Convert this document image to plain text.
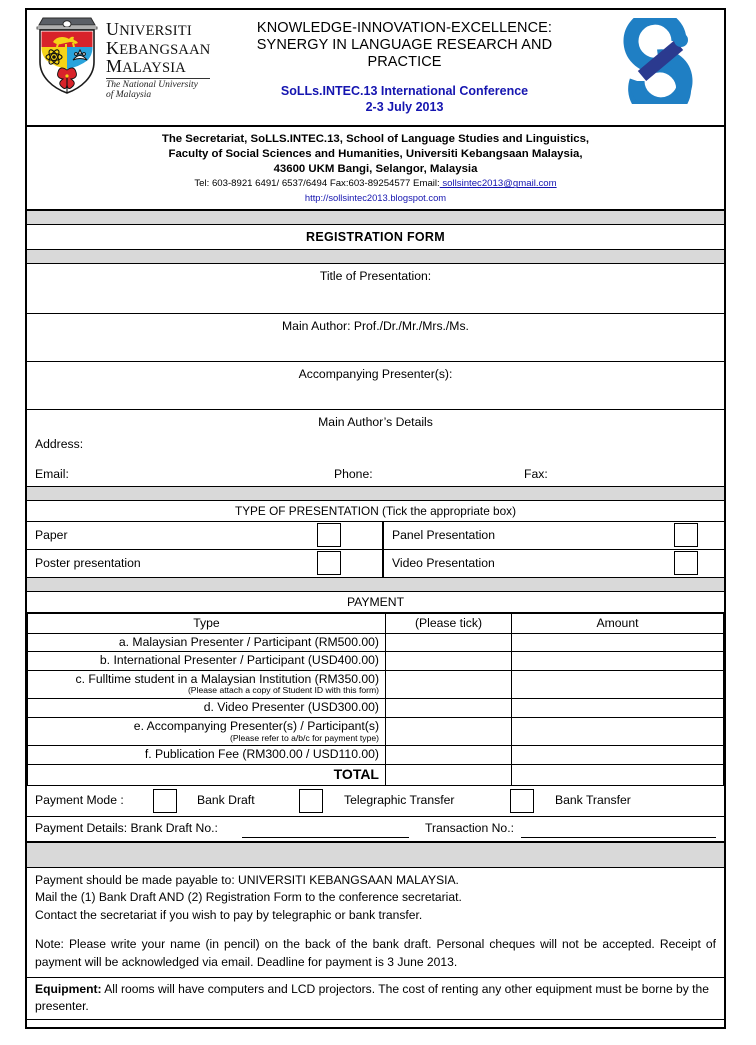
UNIVERSITI
KEBANGSAAN
MALAYSIA
The National University
of Malaysia
KNOWLEDGE-INNOVATION-EXCELLENCE:
SYNERGY IN LANGUAGE RESEARCH AND
PRACTICE
SoLLs.INTEC.13 International Conference
2-3 July 2013
The Secretariat, SoLLS.INTEC.13, School of Language Studies and Linguistics,
Faculty of Social Sciences and Humanities, Universiti Kebangsaan Malaysia,
43600 UKM Bangi, Selangor, Malaysia
Tel: 603-8921 6491/ 6537/6494 Fax:603-89254577 Email: sollsintec2013@gmail.com
http://sollsintec2013.blogspot.com
REGISTRATION FORM
Title of Presentation:
Main Author: Prof./Dr./Mr./Mrs./Ms.
Accompanying Presenter(s):
Main Author’s Details
Address:
Email:	Phone:	Fax:
TYPE OF PRESENTATION (Tick the appropriate box)
Paper	Panel Presentation
Poster presentation	Video Presentation
PAYMENT
Type	(Please tick)	Amount
a. Malaysian Presenter / Participant (RM500.00)		
b. International Presenter / Participant (USD400.00)		
c. Fulltime student in a Malaysian Institution (RM350.00)
(Please attach a copy of Student ID with this form)		

d. Video Presenter (USD300.00)		
e. Accompanying Presenter(s) / Participant(s)
(Please refer to a/b/c for payment type)		

f. Publication Fee (RM300.00 / USD110.00)		
TOTAL		
Payment Mode :	Bank Draft	Telegraphic Transfer	Bank Transfer
Payment Details: Brank Draft No.:	Transaction No.:
Payment should be made payable to: UNIVERSITI KEBANGSAAN MALAYSIA.
Mail the (1) Bank Draft AND (2) Registration Form to the conference secretariat.
Contact the secretariat if you wish to pay by telegraphic or bank transfer.
Note: Please write your name (in pencil) on the back of the bank draft. Personal cheques will not be accepted. Receipt of payment will be acknowledged via email. Deadline for payment is 3 June 2013.
Equipment: All rooms will have computers and LCD projectors. The cost of renting any other equipment must be borne by the presenter.
